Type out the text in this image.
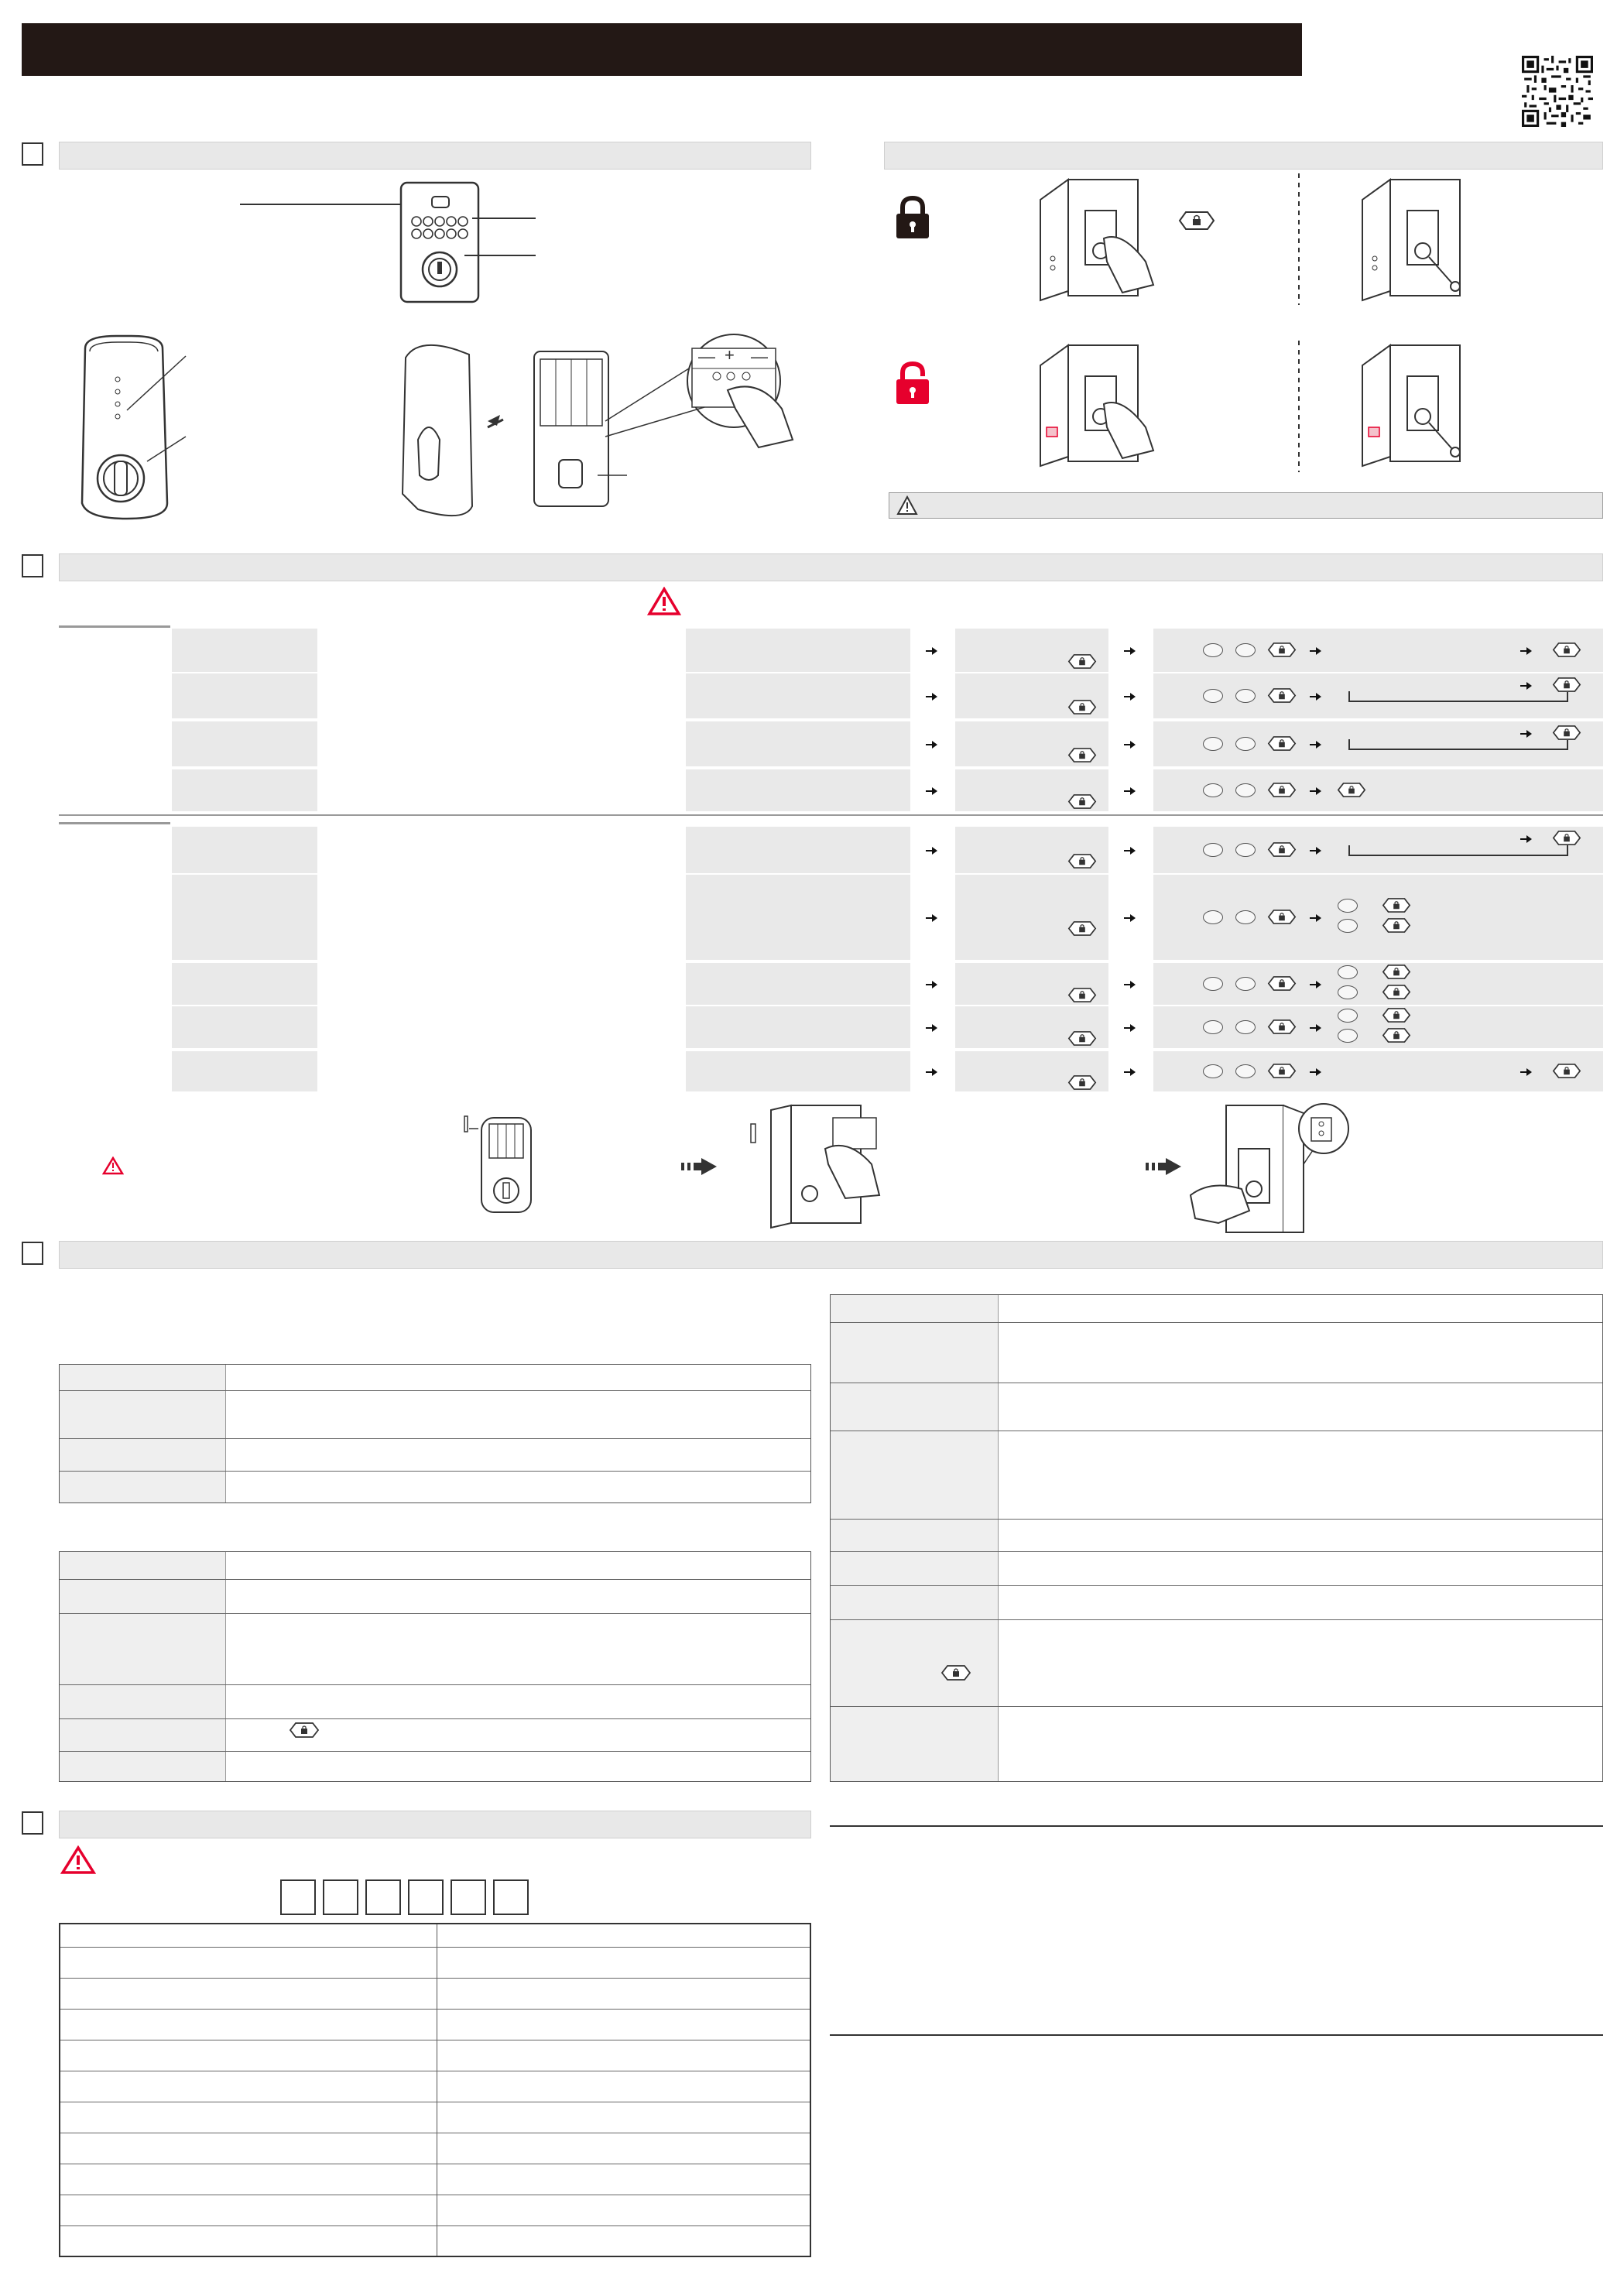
— + —
